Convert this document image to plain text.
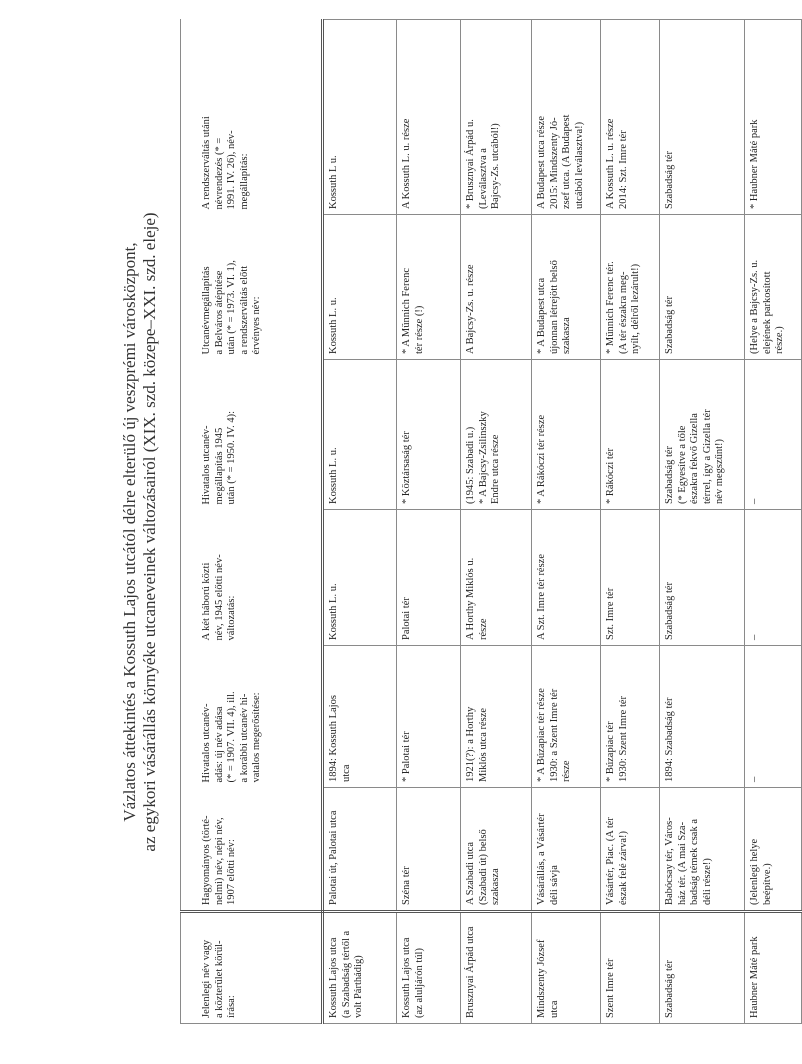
Vázlatos áttekintés a Kossuth Lajos utcától délre elterülő új veszprémi városközpont, az egykori vásárállás környéke utcaneveinek változásairól (XIX. szd. közepe–XXI. szd. eleje)
Jelenlegi név vagy
a közterület körül-
írása:	Hagyományos (törté-
nelmi) név, népi név,
1907 előtti név:	Hivatalos utcanév-
adás: új név adása
(* = 1907. VII. 4), ill.
a korábbi utcanév hi-
vatalos megerősítése:	A két háború közti
név, 1945 előtti név-
változatás:	Hivatalos utcanév-
megállapítás 1945
után (* = 1950. IV. 4):	Utcanévmegállapítás
a Belváros átépítése
után (* = 1973. VI. 1),
a rendszerváltás előtt
érvényes név:	A rendszerváltás utáni
névrendezés (* =
1991. IV. 26), név-
megállapítás:
Kossuth Lajos utca
(a Szabadság tértől a
volt Párthádig)	Palotai út, Palotai utca	1894: Kossuth Lajos
utca	Kossuth L. u.	Kossuth L. u.	Kossuth L. u.	Kossuth L u.
Kossuth Lajos utca
(az aluljárón túl)	Széna tér	* Palotai tér	Palotai tér	* Köztársaság tér	* A Münnich Ferenc
tér része (!)	A Kossuth L. u. része
Brusznyai Árpád utca	A Szabadi utca
(Szabadi út) belső
szakasza	1921(?): a Horthy
Miklós utca része	A Horthy Miklós u.
része	(1945: Szabadi u.)
* A Bajcsy-Zsilinszky
Endre utca része	A Bajcsy-Zs. u. része	* Brusznyai Árpád u.
(Leválasztva a
Bajcsy-Zs. utcából!)
Mindszenty József
utca	Vásárállás, a Vásártér
déli sávja	* A Búzapiac tér része
1930: a Szent Imre tér
része	A Szt. Imre tér része	* A Rákóczi tér része	* A Budapest utca
újonnan létrejött belső
szakasza	A Budapest utca része
2015: Mindszenty Jó-
zsef utca. (A Budapest
utcából leválasztva!)
Szent Imre tér	Vásártér, Piac. (A tér
észak felé zárva!)	* Búzapiac tér
1930: Szent Imre tér	Szt. Imre tér	* Rákóczi tér	* Münnich Ferenc tér.
(A tér északra meg-
nyílt, délről lezárult!)	A Kossuth L. u. része
2014: Szt. Imre tér
Szabadság tér	Babócsay tér, Város-
ház tér. (A mai Sza-
badság témek csak a
déli része!)	1894: Szabadság tér	Szabadság tér	Szabadság tér
(* Egyesítve a tőle
északra fekvő Gizella
térrel, így a Gizella tér
név megszűnt!)	Szabadság tér	Szabadság tér
Haubner Máté park	(Jelenlegi helye
beépítve.)	–	–	–	(Helye a Bajcsy-Zs. u.
elejének parkosított
része.)	* Haubner Máté park
